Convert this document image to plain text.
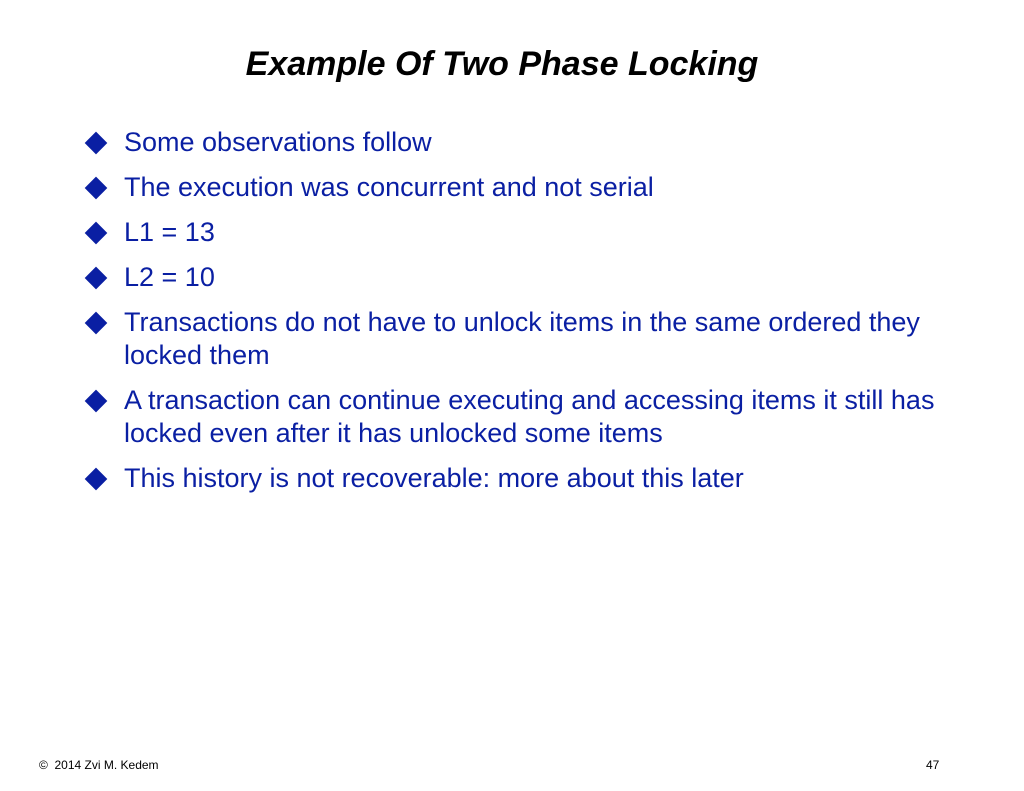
Example Of Two Phase Locking
Some observations follow
The execution was concurrent and not serial
L1 = 13
L2 = 10
Transactions do not have to unlock items in the same ordered they locked them
A transaction can continue executing and accessing items it still has locked even after it has unlocked some items
This history is not recoverable: more about this later
©  2014 Zvi M. Kedem	47
